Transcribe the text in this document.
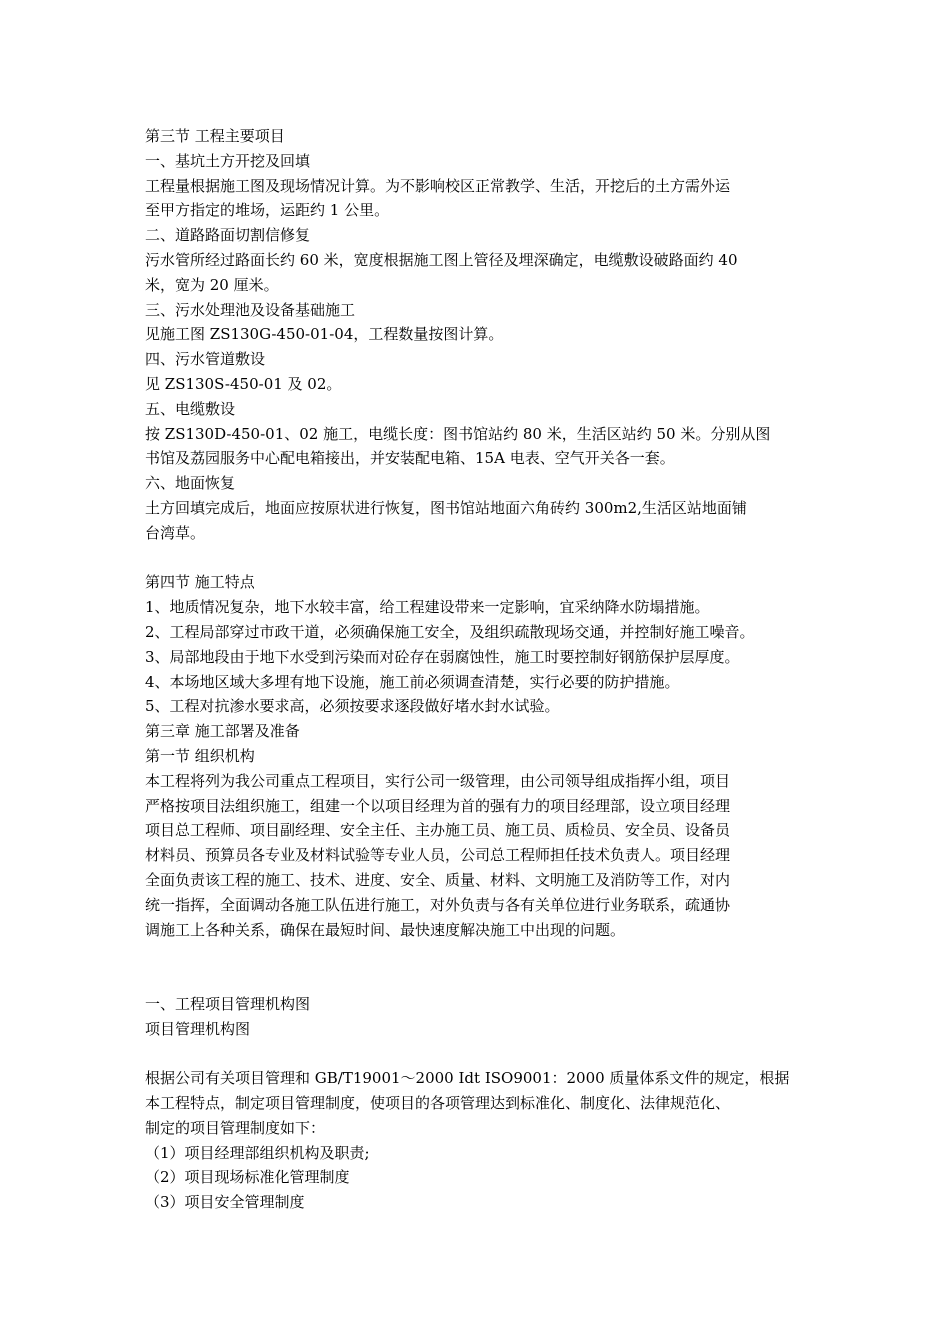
第三节 工程主要项目
一、基坑土方开挖及回填
工程量根据施工图及现场情况计算。为不影响校区正常教学、生活，开挖后的土方需外运
至甲方指定的堆场，运距约 1 公里。
二、道路路面切割信修复
污水管所经过路面长约 60 米，宽度根据施工图上管径及埋深确定，电缆敷设破路面约 40
米，宽为 20 厘米。
三、污水处理池及设备基础施工
见施工图 ZS130G-450-01-04，工程数量按图计算。
四、污水管道敷设
见 ZS130S-450-01 及 02。
五、电缆敷设
按 ZS130D-450-01、02 施工，电缆长度：图书馆站约 80 米，生活区站约 50 米。分别从图
书馆及荔园服务中心配电箱接出，并安装配电箱、15A 电表、空气开关各一套。
六、地面恢复
土方回填完成后，地面应按原状进行恢复，图书馆站地面六角砖约 300m2,生活区站地面铺
台湾草。
第四节 施工特点
1、地质情况复杂，地下水较丰富，给工程建设带来一定影响，宜采纳降水防塌措施。
2、工程局部穿过市政干道，必须确保施工安全，及组织疏散现场交通，并控制好施工噪音。
3、局部地段由于地下水受到污染而对砼存在弱腐蚀性，施工时要控制好钢筋保护层厚度。
4、本场地区域大多埋有地下设施，施工前必须调查清楚，实行必要的防护措施。
5、工程对抗渗水要求高，必须按要求逐段做好堵水封水试验。
第三章 施工部署及准备
第一节 组织机构
本工程将列为我公司重点工程项目，实行公司一级管理，由公司领导组成指挥小组，项目
严格按项目法组织施工，组建一个以项目经理为首的强有力的项目经理部，设立项目经理
项目总工程师、项目副经理、安全主任、主办施工员、施工员、质检员、安全员、设备员
材料员、预算员各专业及材料试验等专业人员，公司总工程师担任技术负责人。项目经理
全面负责该工程的施工、技术、进度、安全、质量、材料、文明施工及消防等工作，对内
统一指挥，全面调动各施工队伍进行施工，对外负责与各有关单位进行业务联系，疏通协
调施工上各种关系，确保在最短时间、最快速度解决施工中出现的问题。
一、工程项目管理机构图
项目管理机构图
根据公司有关项目管理和 GB/T19001～2000 Idt ISO9001：2000 质量体系文件的规定，根据
本工程特点，制定项目管理制度，使项目的各项管理达到标准化、制度化、法律规范化、
制定的项目管理制度如下：
（1）项目经理部组织机构及职责;
（2）项目现场标准化管理制度
（3）项目安全管理制度
